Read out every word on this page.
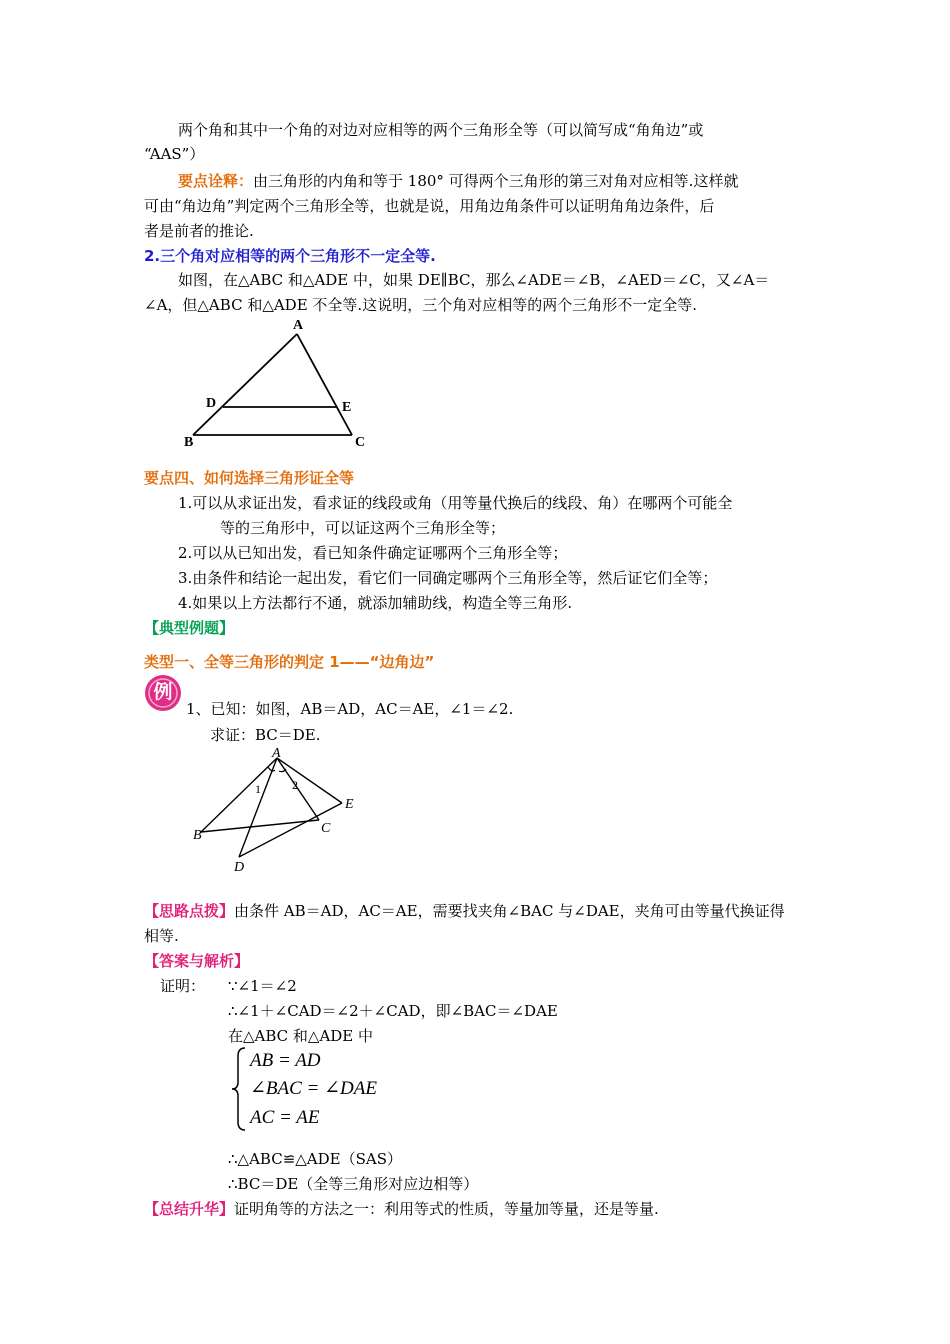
两个角和其中一个角的对边对应相等的两个三角形全等（可以简写成“角角边”或
“AAS”）
要点诠释：由三角形的内角和等于 180° 可得两个三角形的第三对角对应相等.这样就
可由“角边角”判定两个三角形全等，也就是说，用角边角条件可以证明角角边条件，后
者是前者的推论.
2.三个角对应相等的两个三角形不一定全等.
如图，在△ABC 和△ADE 中，如果 DE∥BC，那么∠ADE＝∠B，∠AED＝∠C，又∠A＝
∠A，但△ABC 和△ADE 不全等.这说明，三个角对应相等的两个三角形不一定全等.
A
D	E
B	C
要点四、如何选择三角形证全等
1.可以从求证出发，看求证的线段或角（用等量代换后的线段、角）在哪两个可能全
等的三角形中，可以证这两个三角形全等；
2.可以从已知出发，看已知条件确定证哪两个三角形全等；
3.由条件和结论一起出发，看它们一同确定哪两个三角形全等，然后证它们全等；
4.如果以上方法都行不通，就添加辅助线，构造全等三角形.
【典型例题】
类型一、全等三角形的判定 1——“边角边”
例
1、已知：如图，AB＝AD，AC＝AE，∠1＝∠2.
求证：BC＝DE.
A
1	2
E
C
B
D
【思路点拨】由条件 AB＝AD，AC＝AE，需要找夹角∠BAC 与∠DAE，夹角可由等量代换证得
相等.
【答案与解析】
证明： ∵∠1＝∠2
∴∠1＋∠CAD＝∠2＋∠CAD，即∠BAC＝∠DAE
在△ABC 和△ADE 中
AB = AD
∠BAC = ∠DAE
AC = AE
∴△ABC≌△ADE（SAS）
∴BC＝DE（全等三角形对应边相等）
【总结升华】证明角等的方法之一：利用等式的性质，等量加等量，还是等量.
